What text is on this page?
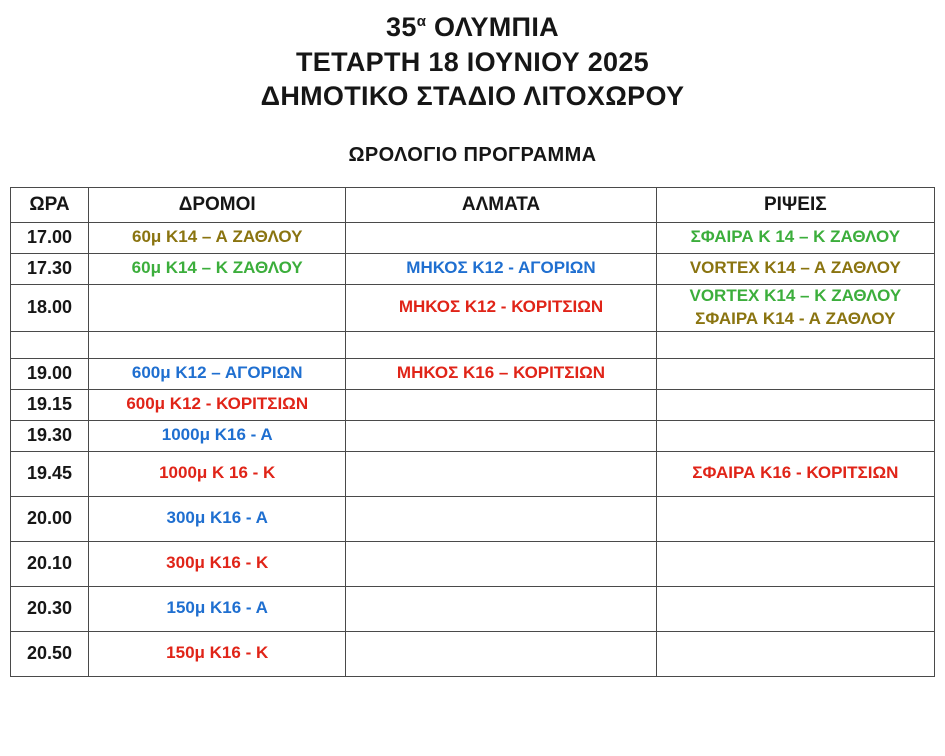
$35^\alpha$ ΟΛΥΜΠΙΑ
ΤΕΤΑΡΤΗ 18 ΙΟΥΝΙΟΥ 2025
ΔΗΜΟΤΙΚΟ ΣΤΑΔΙΟ ΛΙΤΟΧΩΡΟΥ
ΩΡΟΛΟΓΙΟ ΠΡΟΓΡΑΜΜΑ
ΩΡΑ	ΔΡΟΜΟΙ	ΑΛΜΑΤΑ	ΡΙΨΕΙΣ
17.00	60μ Κ14 – Α ΖΑΘΛΟΥ		ΣΦΑΙΡΑ Κ 14 – Κ ΖΑΘΛΟΥ

17.30	60μ Κ14 – Κ ΖΑΘΛΟΥ	ΜΗΚΟΣ Κ12 - ΑΓΟΡΙΩΝ	VORTEX Κ14 – Α ΖΑΘΛΟΥ

18.00		ΜΗΚΟΣ Κ12 - ΚΟΡΙΤΣΙΩΝ	VORTEX Κ14 – Κ ΖΑΘΛΟΥ
ΣΦΑΙΡΑ Κ14 - Α ΖΑΘΛΟΥ

19.00	600μ Κ12 – ΑΓΟΡΙΩΝ	ΜΗΚΟΣ Κ16 – ΚΟΡΙΤΣΙΩΝ	

19.15	600μ Κ12 - ΚΟΡΙΤΣΙΩΝ		

19.30	1000μ Κ16 - Α		

19.45	1000μ Κ 16 - Κ		ΣΦΑΙΡΑ Κ16 - ΚΟΡΙΤΣΙΩΝ

20.00	300μ Κ16 - Α		

20.10	300μ Κ16 - Κ		

20.30	150μ Κ16 - Α		

20.50	150μ Κ16 - Κ		
